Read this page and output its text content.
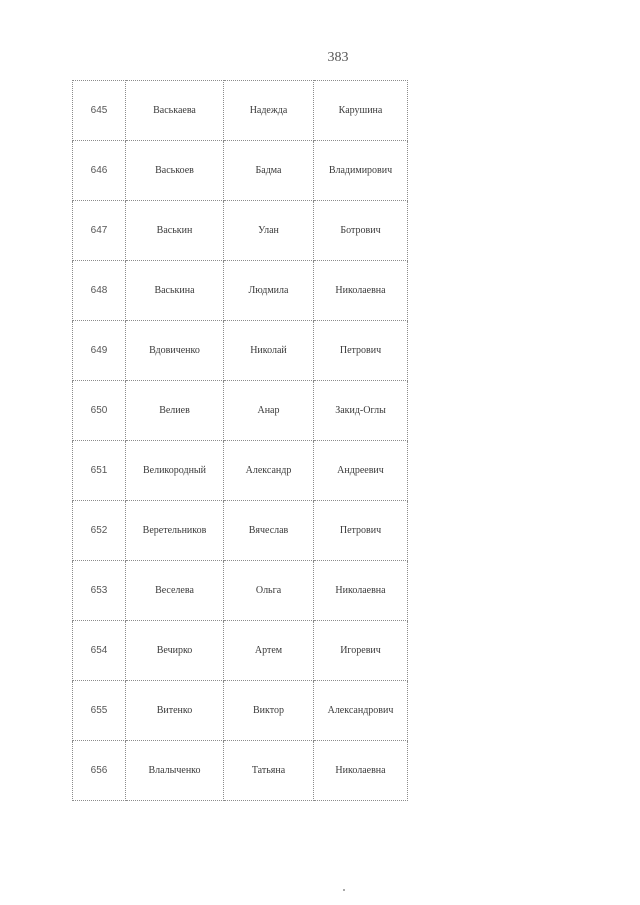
383
645	Васькаева	Надежда	Карушина
646	Васькоев	Бадма	Владимирович
647	Васькин	Улан	Ботрович
648	Васькина	Людмила	Николаевна
649	Вдовиченко	Николай	Петрович
650	Велиев	Анар	Закид-Оглы
651	Великородный	Александр	Андреевич
652	Веретельников	Вячеслав	Петрович
653	Веселева	Ольга	Николаевна
654	Вечирко	Артем	Игоревич
655	Витенко	Виктор	Александрович
656	Влалыченко	Татьяна	Николаевна
